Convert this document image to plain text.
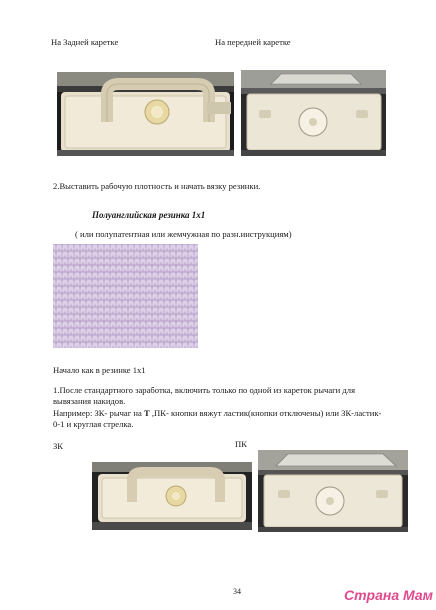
На Задней каретке	На передней каретке
2.Выставить рабочую плотность и начать вязку резинки.
Полуанглийская резинка 1х1
( или полупатентная или жемчужная по разн.инструкциям)
Начало как в резинке 1х1
1.После стандартного заработка, включить только по одной из кареток рычаги для вывязания накидов.
Например: ЗК- рычаг на Т ,ПК- кнопки вяжут ластик(кнопки отключены) или ЗК-ластик- 0-1 и круглая стрелка.
ЗК	ПК
34	Страна Мам
